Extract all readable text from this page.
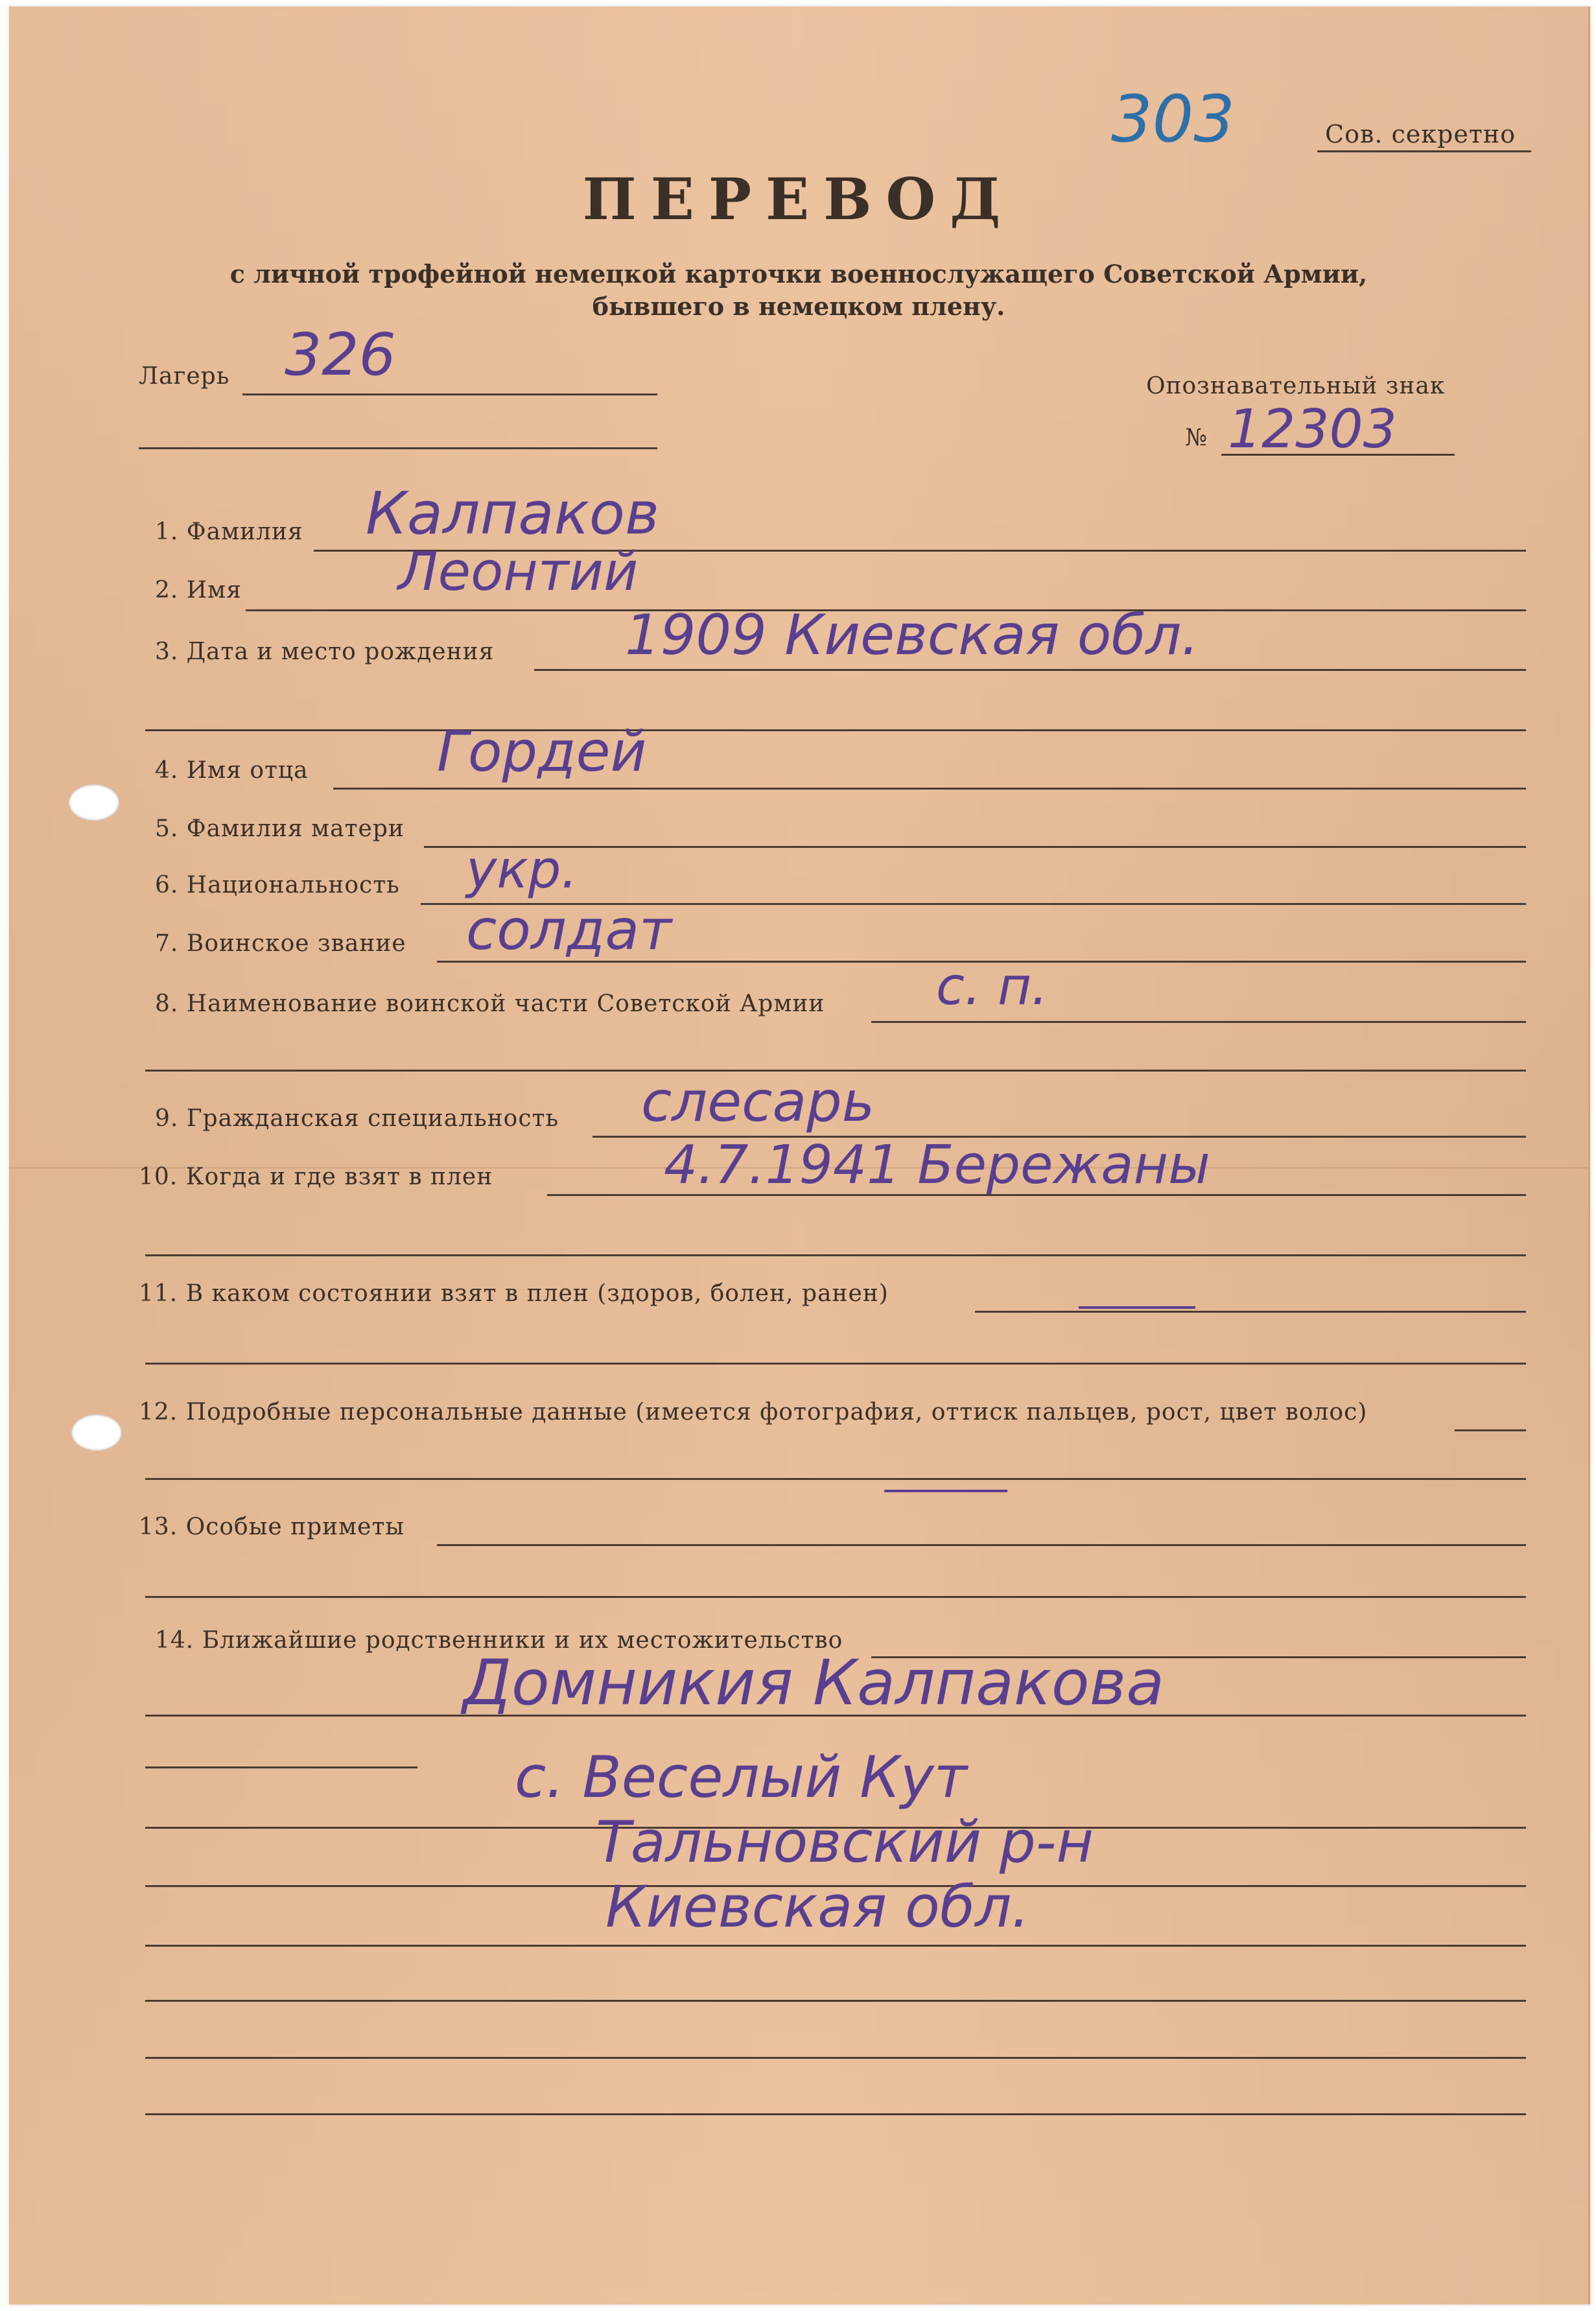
303	Сов. секретно
ПЕРЕВОД
с личной трофейной немецкой карточки военнослужащего Советской Армии,
бывшего в немецком плену.
Лагерь 326	Опознавательный знак
№ 12303
1. Фамилия Калпаков
2. Имя	Леонтий
3. Дата и место рождения 1909 Киевская обл.
4. Имя отца Гордей
5. Фамилия матери
6. Национальность укр.
7. Воинское звание солдат
8. Наименование воинской части Советской Армии с. п.
9. Гражданская специальность слесарь
10. Когда и где взят в плен	4.7.1941 Бережаны
11. В каком состоянии взят в плен (здоров, болен, ранен)
12. Подробные персональные данные (имеется фотография, оттиск пальцев, рост, цвет волос)
13. Особые приметы
14. Ближайшие родственники и их местожительство
Домникия Калпакова
с. Веселый Кут
Тальновский р-н
Киевская обл.
